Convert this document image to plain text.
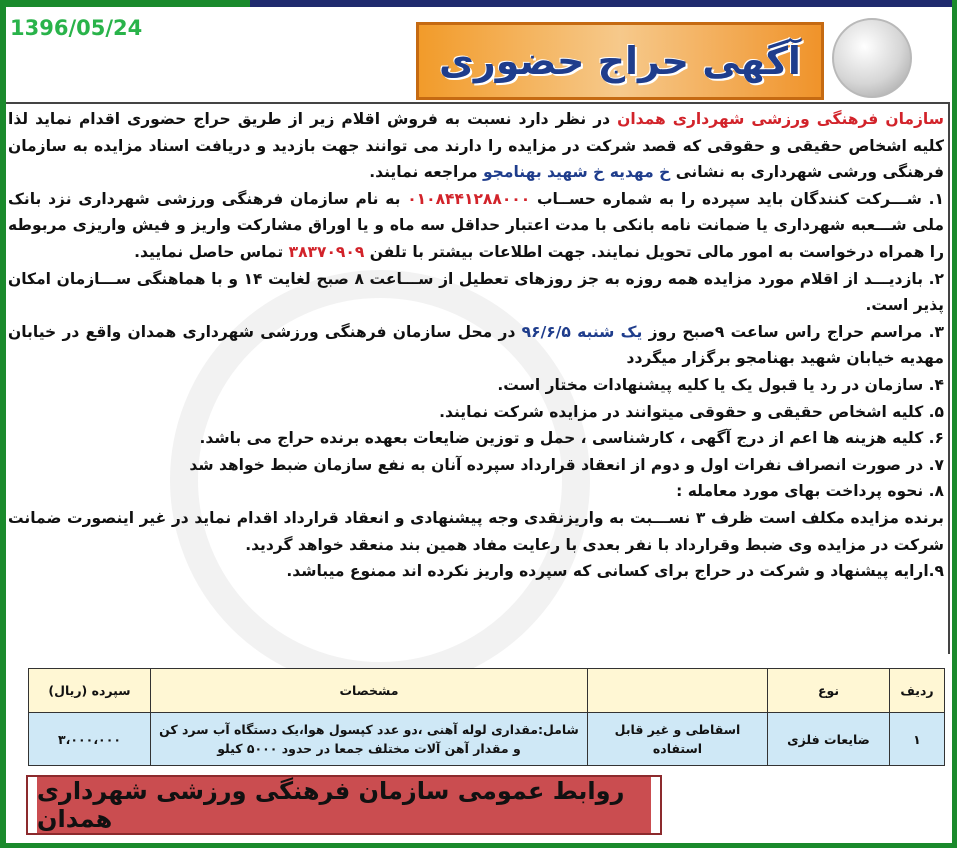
1396/05/24
آگهی حراج حضوری

سازمان فرهنگی ورزشی شهرداری همدان در نظر دارد نسبت به فروش اقلام زیر از طریق حراج حضوری اقدام نماید لذا کلیه اشخاص حقیقی و حقوقی که قصد شرکت در مزایده را دارند می توانند جهت بازدید و دریافت اسناد مزایده به سازمان فرهنگی ورشی شهرداری به نشانی خ مهدیه خ شهید بهنامجو مراجعه نمایند.

۱. شـــرکت کنندگان باید سپرده را به شماره حســاب ۰۱۰۸۴۴۱۲۸۸۰۰۰ به نام سازمان فرهنگی ورزشی شهرداری نزد بانک ملی شـــعبه شهرداری یا ضمانت نامه بانکی با مدت اعتبار حداقل سه ماه و یا اوراق مشارکت واریز و فیش واریزی مربوطه را همراه درخواست به امور مالی تحویل نمایند. جهت اطلاعات بیشتر با تلفن ۳۸۳۷۰۹۰۹ تماس حاصل نمایید.

۲. بازدیـــد از اقلام مورد مزایده همه روزه به جز روزهای تعطیل از ســـاعت ۸ صبح لغایت ۱۴ و با هماهنگی ســـازمان امکان پذیر است.

۳. مراسم حراج راس ساعت ۹صبح روز یک شنبه ۹۶/۶/۵ در محل سازمان فرهنگی ورزشی شهرداری همدان واقع در خیابان مهدیه خیابان شهید بهنامجو برگزار میگردد

۴. سازمان در رد یا قبول یک یا کلیه پیشنهادات مختار است.

۵. کلیه اشخاص حقیقی و حقوقی میتوانند در مزایده شرکت نمایند.

۶. کلیه هزینه ها اعم از درج آگهی ، کارشناسی ، حمل و توزین ضایعات بعهده برنده حراج می باشد.

۷. در صورت انصراف نفرات اول و دوم از انعقاد قرارداد سپرده آنان به نفع سازمان ضبط خواهد شد

۸. نحوه پرداخت بهای مورد معامله :

برنده مزایده مکلف است ظرف ۳ نســـبت به واریزنقدی وجه پیشنهادی و انعقاد قرارداد اقدام نماید در غیر اینصورت ضمانت شرکت در مزایده وی ضبط وقرارداد با نفر بعدی با رعایت مفاد همین بند منعقد خواهد گردید.

۹.ارایه پیشنهاد و شرکت در حراج برای کسانی که سپرده واریز نکرده اند ممنوع میباشد.

ردیف	نوع		مشخصات	سپرده (ریال)
۱	ضایعات فلزی	اسقاطی و غیر قابل استفاده	شامل:مقداری لوله آهنی ،دو عدد کپسول هوا،یک دستگاه آب سرد کن و مقدار آهن آلات مختلف جمعا در حدود ۵۰۰۰ کیلو	۳،۰۰۰،۰۰۰
روابط عمومی سازمان فرهنگی ورزشی شهرداری همدان
